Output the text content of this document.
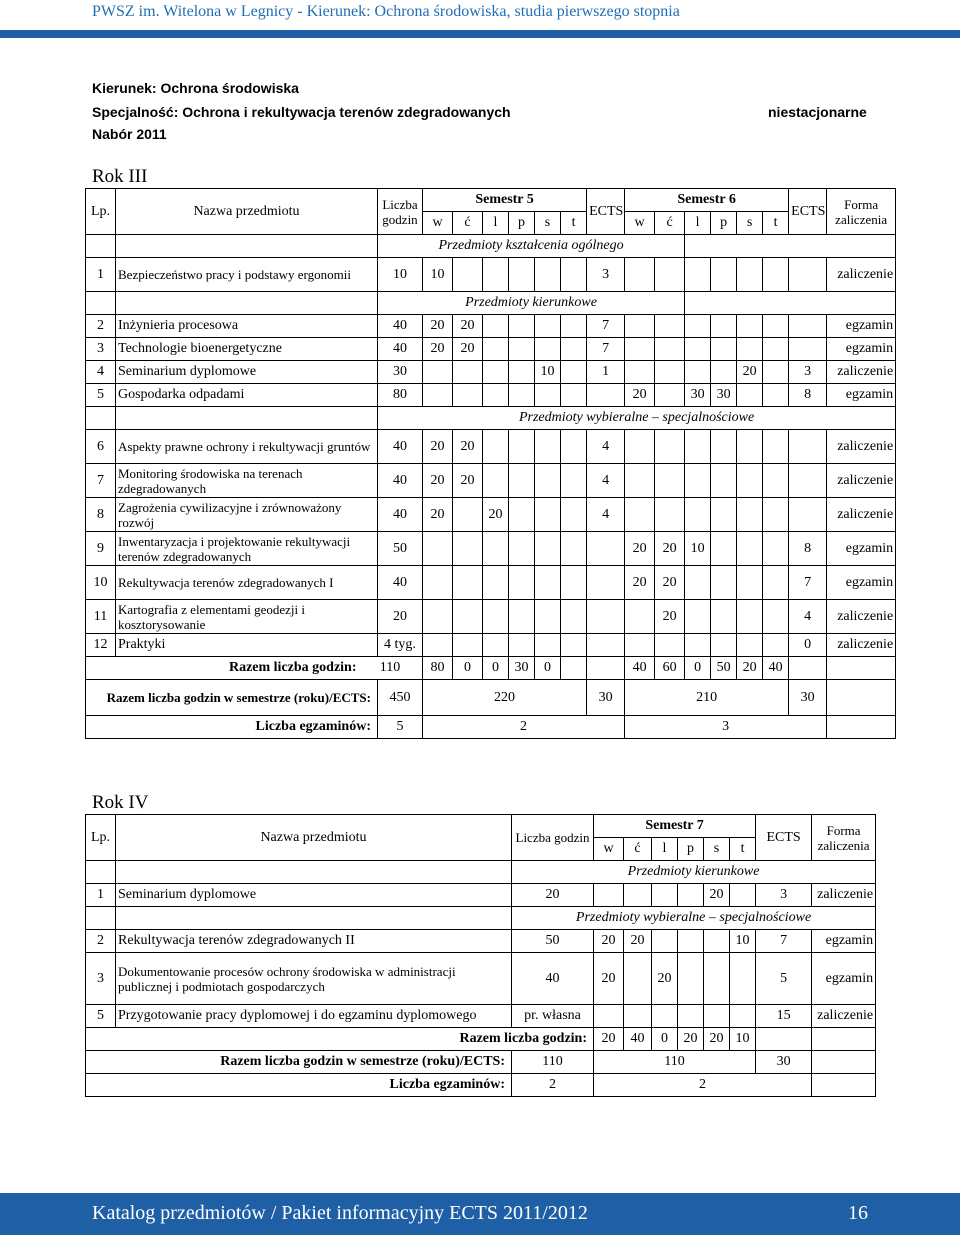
PWSZ im. Witelona w Legnicy - Kierunek: Ochrona środowiska, studia pierwszego stopnia
Kierunek: Ochrona środowiska
Specjalność: Ochrona i rekultywacja terenów zdegradowanych
Nabór 2011
niestacjonarne
Rok III
Lp.	Nazwa przedmiotu	Liczba godzin	Semestr 5						ECTS	Semestr 6						ECTS	Forma zaliczenia
			w	ć	l	p	s	t		w	ć	l	p	s	t		
		Przedmioty kształcenia ogólnego															
1	Bezpieczeństwo pracy i podstawy ergonomii	10	10						3								zaliczenie
		Przedmioty kierunkowe															
2	Inżynieria procesowa	40	20	20					7								egzamin
3	Technologie bioenergetyczne	40	20	20					7								egzamin
4	Seminarium dyplomowe	30					10		1					20		3	zaliczenie
5	Gospodarka odpadami	80								20		30	30			8	egzamin
		Przedmioty wybieralne – specjalnościowe															
6	Aspekty prawne ochrony i rekultywacji gruntów	40	20	20					4								zaliczenie
7	Monitoring środowiska na terenach zdegradowanych	40	20	20					4								zaliczenie
8	Zagrożenia cywilizacyjne i zrównoważony rozwój	40	20		20				4								zaliczenie
9	Inwentaryzacja i projektowanie rekultywacji terenów zdegradowanych	50								20	20	10				8	egzamin
10	Rekultywacja terenów zdegradowanych I	40								20	20					7	egzamin
11	Kartografia z elementami geodezji i kosztorysowanie	20									20					4	zaliczenie
12	Praktyki	4 tyg.														0	zaliczenie
Razem liczba godzin: 110			80	0	0	30	0			40	60	0	50	20	40		
Razem liczba godzin w semestrze (roku)/ECTS:		450	220						30	210						30	
Liczba egzaminów:		5	2							3							
Rok IV
Lp.	Nazwa przedmiotu	Liczba godzin	Semestr 7						ECTS	Forma zaliczenia
			w	ć	l	p	s	t		
		Przedmioty kierunkowe								
1	Seminarium dyplomowe	20					20		3	zaliczenie
		Przedmioty wybieralne – specjalnościowe								
2	Rekultywacja terenów zdegradowanych II	50	20	20				10	7	egzamin
3	Dokumentowanie procesów ochrony środowiska w administracji publicznej i podmiotach gospodarczych	40	20		20				5	egzamin
5	Przygotowanie pracy dyplomowej i do egzaminu dyplomowego	pr. własna							15	zaliczenie
Razem liczba godzin:			20	40	0	20	20	10		
Razem liczba godzin w semestrze (roku)/ECTS:		110	110						30	
Liczba egzaminów:		2	2							
Katalog przedmiotów / Pakiet informacyjny ECTS 2011/2012	16
